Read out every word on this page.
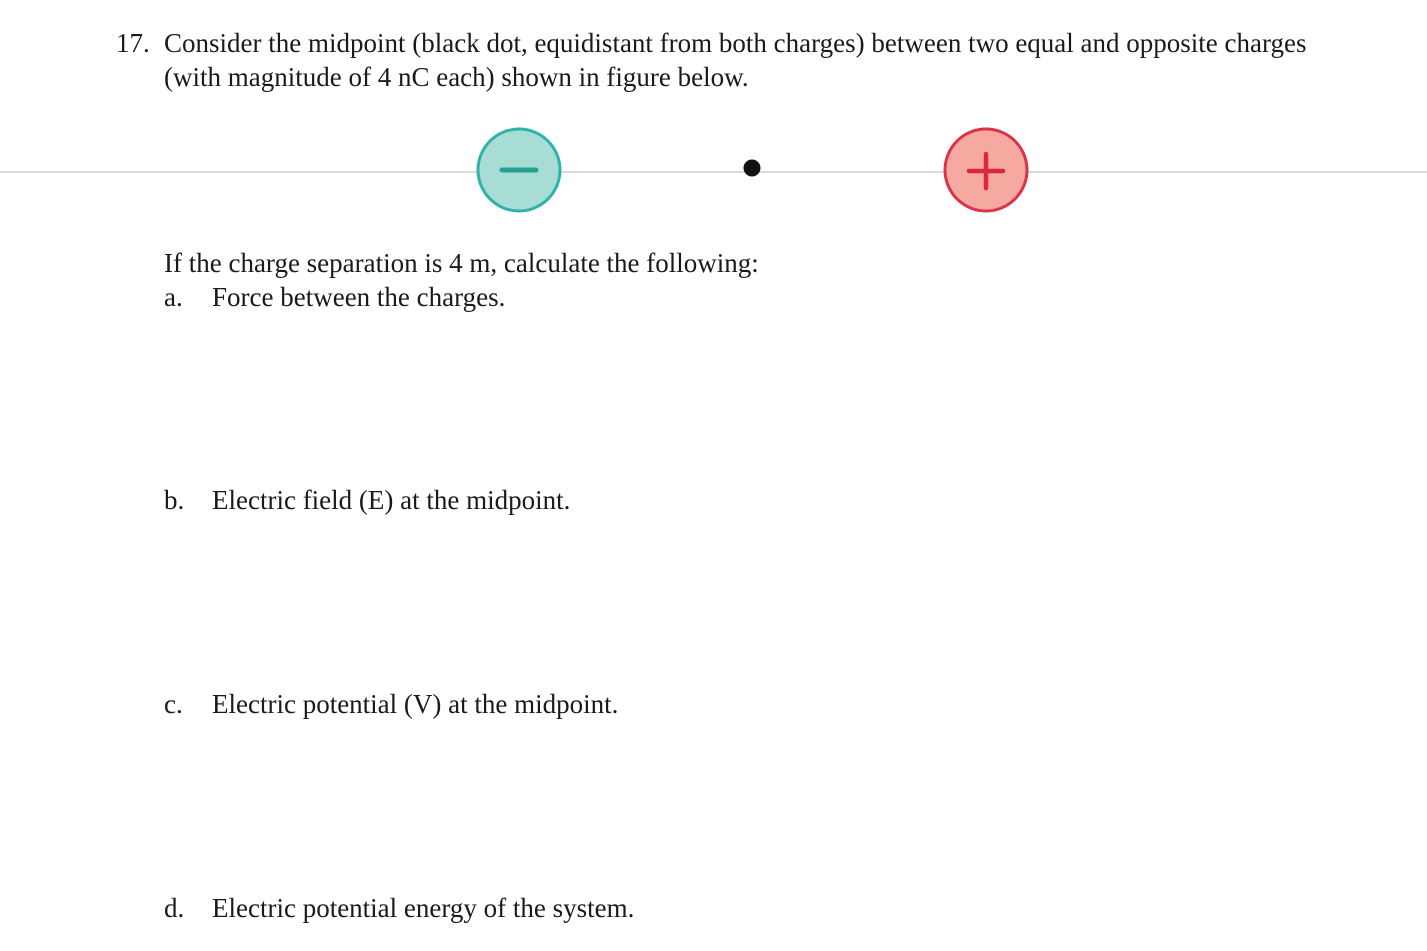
17. Consider the midpoint (black dot, equidistant from both charges) between two equal and opposite charges (with magnitude of 4 nC each) shown in figure below.
If the charge separation is 4 m, calculate the following:
a. Force between the charges.
b. Electric field (E) at the midpoint.
c. Electric potential (V) at the midpoint.
d. Electric potential energy of the system.
